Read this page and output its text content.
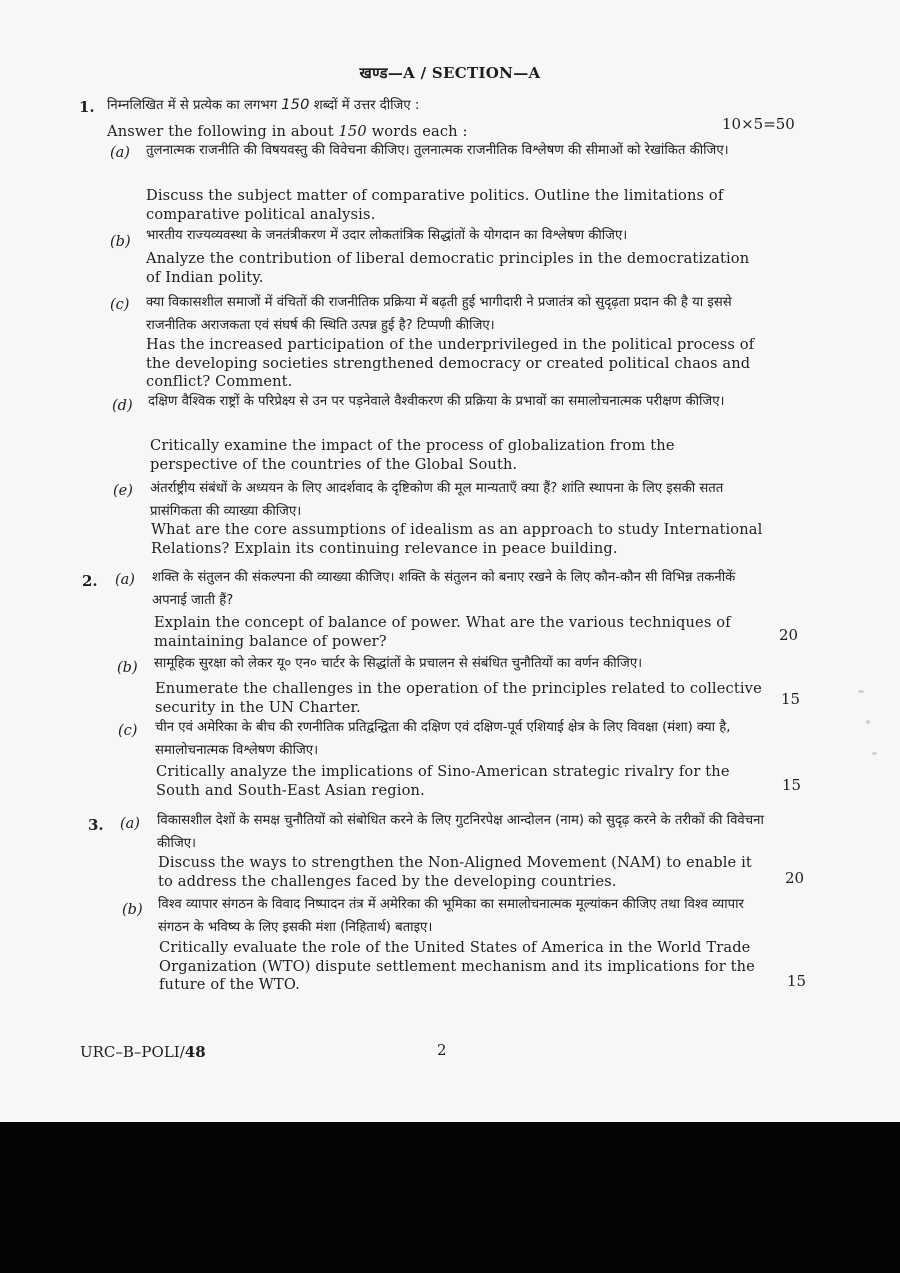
खण्ड—A / SECTION—A
1. निम्नलिखित में से प्रत्येक का लगभग 150 शब्दों में उत्तर दीजिए :
Answer the following in about 150 words each :	10×5=50
(a) तुलनात्मक राजनीति की विषयवस्तु की विवेचना कीजिए। तुलनात्मक राजनीतिक विश्लेषण की सीमाओं को रेखांकित कीजिए।
Discuss the subject matter of comparative politics. Outline the limitations of comparative political analysis.
(b) भारतीय राज्यव्यवस्था के जनतंत्रीकरण में उदार लोकतांत्रिक सिद्धांतों के योगदान का विश्लेषण कीजिए।
Analyze the contribution of liberal democratic principles in the democratization of Indian polity.
(c) क्या विकासशील समाजों में वंचितों की राजनीतिक प्रक्रिया में बढ़ती हुई भागीदारी ने प्रजातंत्र को सुदृढ़ता प्रदान की है या इससे राजनीतिक अराजकता एवं संघर्ष की स्थिति उत्पन्न हुई है? टिप्पणी कीजिए।
Has the increased participation of the underprivileged in the political process of the developing societies strengthened democracy or created political chaos and conflict? Comment.
(d) दक्षिण वैश्विक राष्ट्रों के परिप्रेक्ष्य से उन पर पड़नेवाले वैश्वीकरण की प्रक्रिया के प्रभावों का समालोचनात्मक परीक्षण कीजिए।
Critically examine the impact of the process of globalization from the perspective of the countries of the Global South.
(e) अंतर्राष्ट्रीय संबंधों के अध्ययन के लिए आदर्शवाद के दृष्टिकोण की मूल मान्यताएँ क्या हैं? शांति स्थापना के लिए इसकी सतत प्रासंगिकता की व्याख्या कीजिए।
What are the core assumptions of idealism as an approach to study International Relations? Explain its continuing relevance in peace building.
2. (a) शक्ति के संतुलन की संकल्पना की व्याख्या कीजिए। शक्ति के संतुलन को बनाए रखने के लिए कौन-कौन सी विभिन्न तकनीकें अपनाई जाती हैं?
Explain the concept of balance of power. What are the various techniques of maintaining balance of power?	20
(b) सामूहिक सुरक्षा को लेकर यू० एन० चार्टर के सिद्धांतों के प्रचालन से संबंधित चुनौतियों का वर्णन कीजिए।
Enumerate the challenges in the operation of the principles related to collective security in the UN Charter.	15
(c) चीन एवं अमेरिका के बीच की रणनीतिक प्रतिद्वन्द्विता की दक्षिण एवं दक्षिण-पूर्व एशियाई क्षेत्र के लिए विवक्षा (मंशा) क्या है, समालोचनात्मक विश्लेषण कीजिए।
Critically analyze the implications of Sino-American strategic rivalry for the South and South-East Asian region.	15
3. (a) विकासशील देशों के समक्ष चुनौतियों को संबोधित करने के लिए गुटनिरपेक्ष आन्दोलन (नाम) को सुदृढ़ करने के तरीकों की विवेचना कीजिए।
Discuss the ways to strengthen the Non-Aligned Movement (NAM) to enable it to address the challenges faced by the developing countries.	20
(b) विश्व व्यापार संगठन के विवाद निष्पादन तंत्र में अमेरिका की भूमिका का समालोचनात्मक मूल्यांकन कीजिए तथा विश्व व्यापार संगठन के भविष्य के लिए इसकी मंशा (निहितार्थ) बताइए।
Critically evaluate the role of the United States of America in the World Trade Organization (WTO) dispute settlement mechanism and its implications for the future of the WTO.	15
URC–B–POLI/48	2
